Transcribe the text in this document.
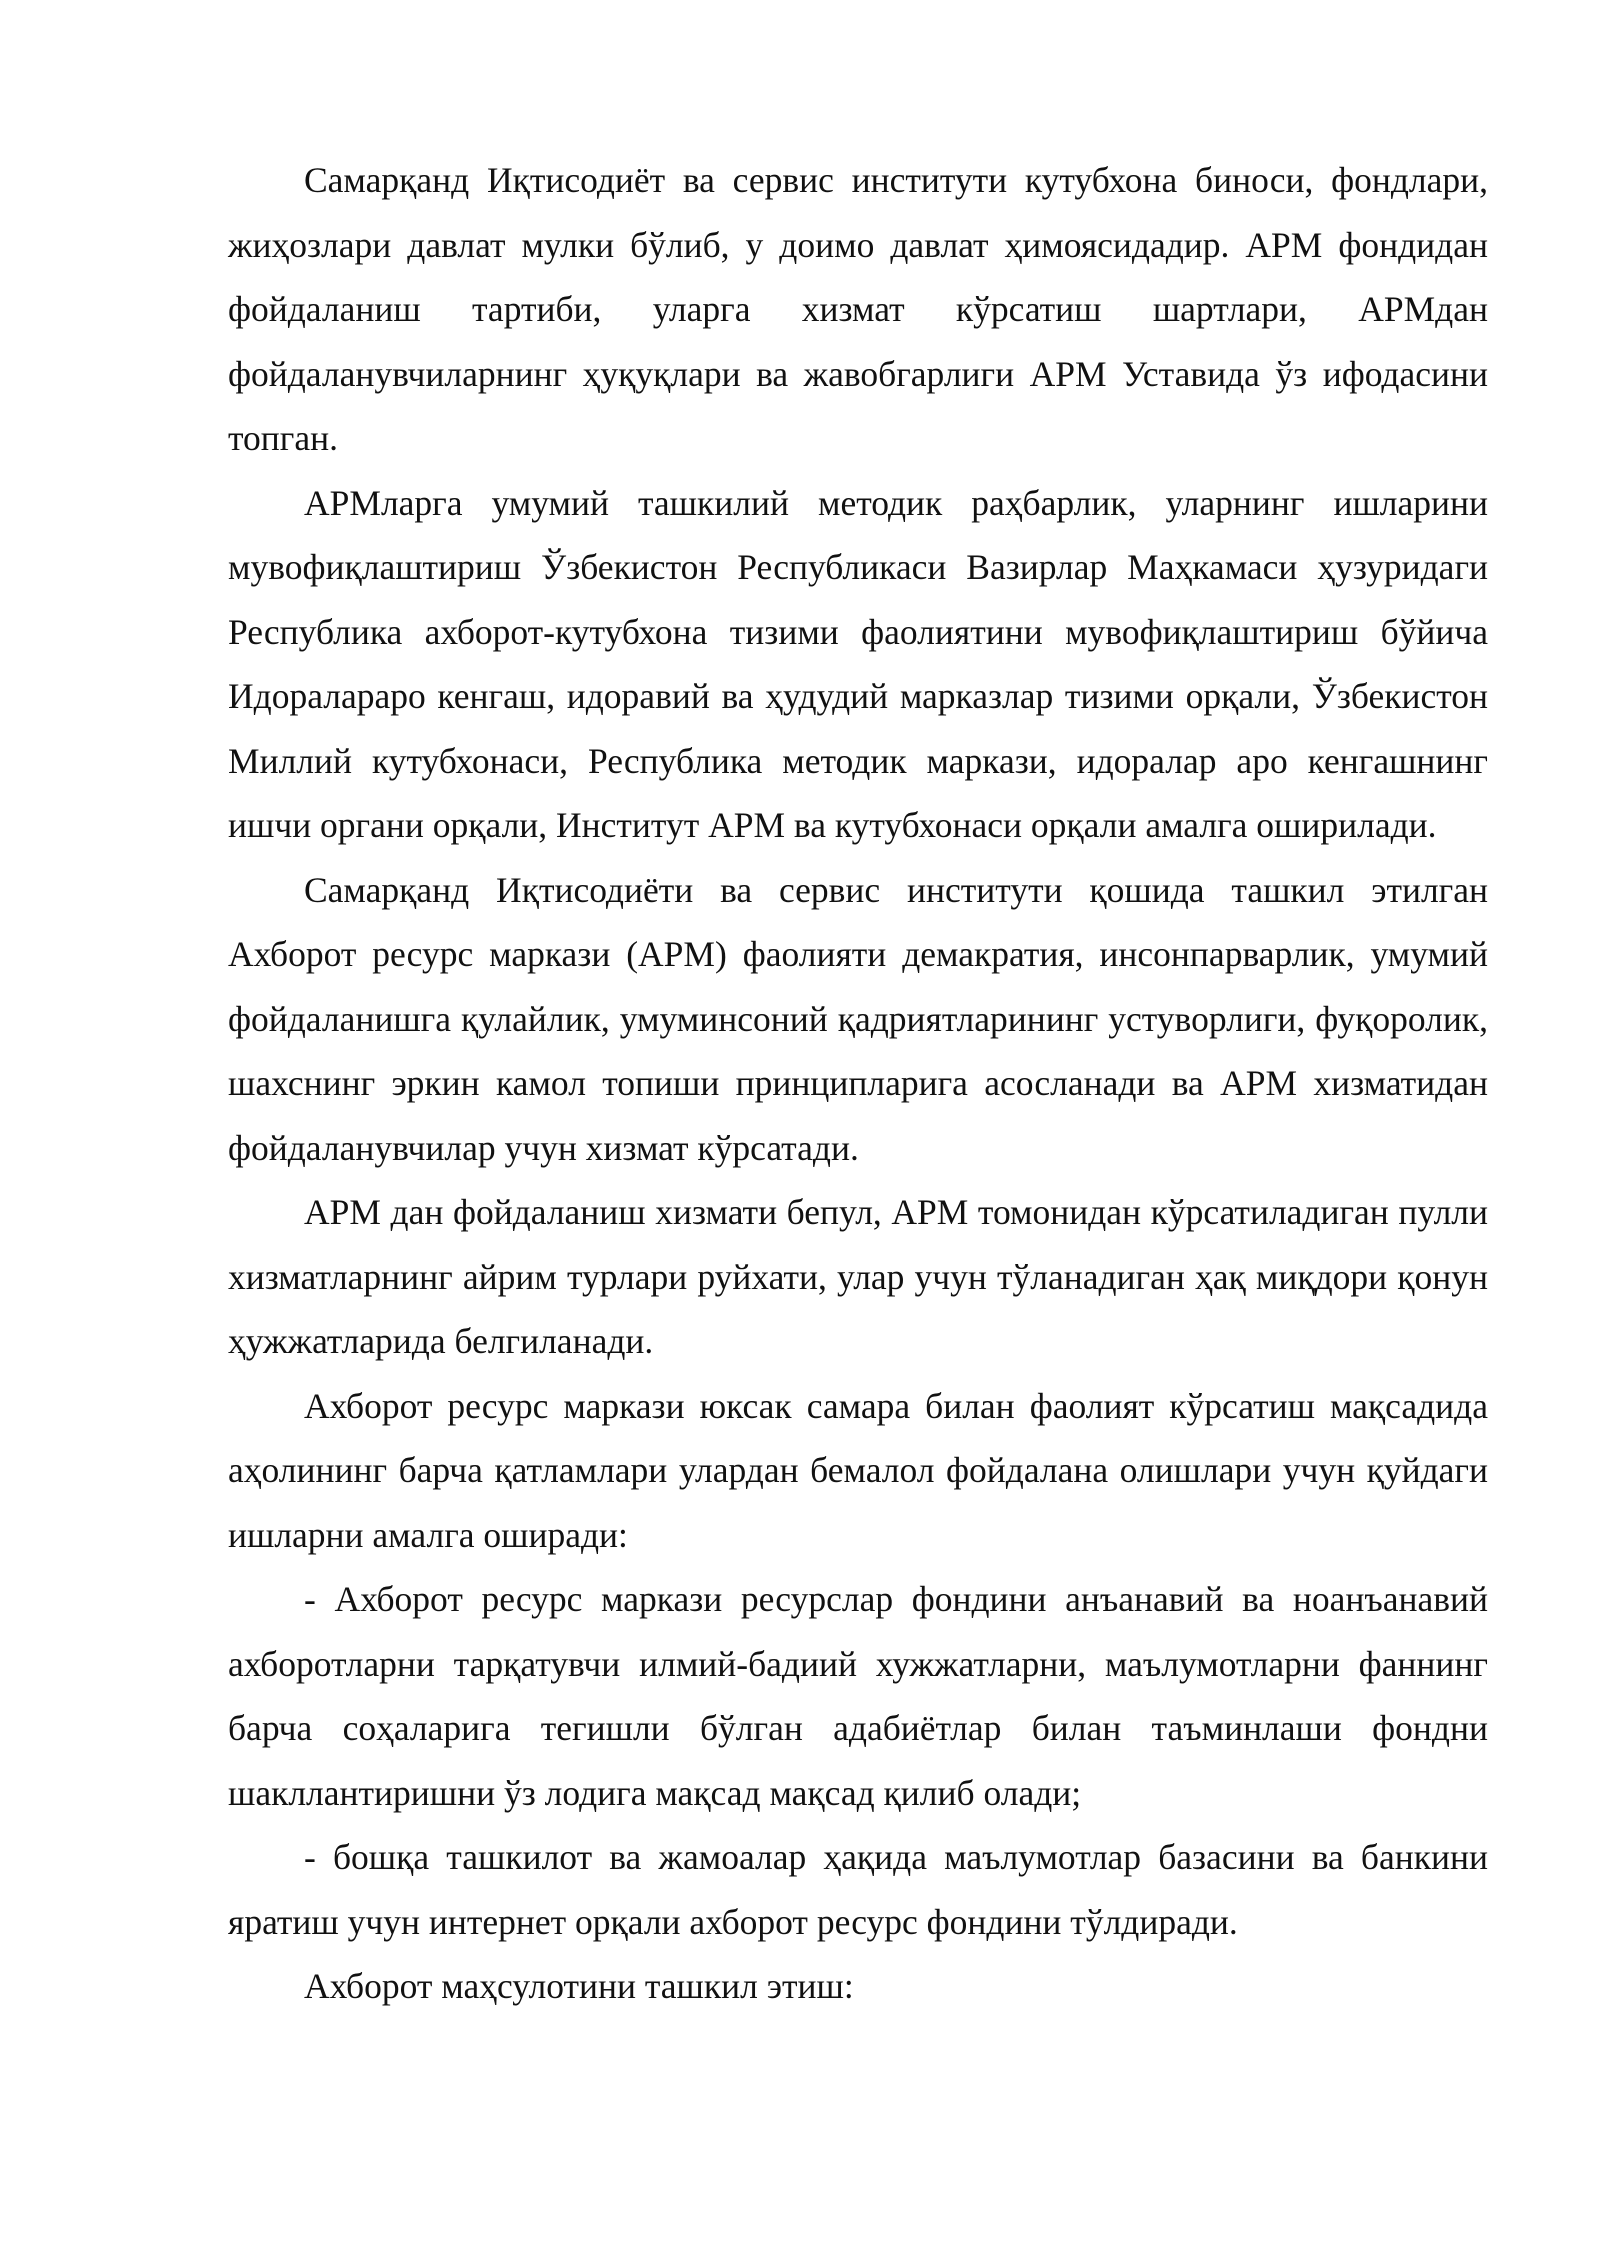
Самарқанд Иқтисодиёт ва сервис институти кутубхона биноси, фондлари, жиҳозлари давлат мулки бўлиб, у доимо давлат ҳимоясидадир. АРМ фондидан фойдаланиш тартиби, уларга хизмат кўрсатиш шартлари, АРМдан фойдаланувчиларнинг ҳуқуқлари ва жавобгарлиги АРМ Уставида ўз ифодасини топган.

АРМларга умумий ташкилий методик раҳбарлик, уларнинг ишларини мувофиқлаштириш Ўзбекистон Республикаси Вазирлар Маҳкамаси ҳузуридаги Республика ахборот-кутубхона тизими фаолиятини мувофиқлаштириш бўйича Идоралараро кенгаш, идоравий ва ҳудудий марказлар тизими орқали, Ўзбекистон Миллий кутубхонаси, Республика методик маркази, идоралар аро кенгашнинг ишчи органи орқали, Институт АРМ ва кутубхонаси орқали амалга оширилади.

Самарқанд Иқтисодиёти ва сервис институти қошида ташкил этилган Ахборот ресурс маркази (АРМ) фаолияти демакратия, инсонпарварлик, умумий фойдаланишга қулайлик, умуминсоний қадриятларининг устуворлиги, фуқоролик, шахснинг эркин камол топиши принципларига асосланади ва АРМ хизматидан фойдаланувчилар учун хизмат кўрсатади.

АРМ дан фойдаланиш хизмати бепул, АРМ томонидан кўрсатиладиган пулли хизматларнинг айрим турлари руйхати, улар учун тўланадиган ҳақ миқдори қонун ҳужжатларида белгиланади.

Ахборот ресурс маркази юксак самара билан фаолият кўрсатиш мақсадида аҳолининг барча қатламлари улардан бемалол фойдалана олишлари учун қуйдаги ишларни амалга оширади:

- Ахборот ресурс маркази ресурслар фондини анъанавий ва ноанъанавий ахборотларни тарқатувчи илмий-бадиий хужжатларни, маълумотларни фаннинг барча соҳаларига тегишли бўлган адабиётлар билан таъминлаши фондни шакллантиришни ўз лодига мақсад мақсад қилиб олади;

- бошқа ташкилот ва жамоалар ҳақида маълумотлар базасини ва банкини яратиш учун интернет орқали ахборот ресурс фондини тўлдиради.

Ахборот маҳсулотини ташкил этиш:
